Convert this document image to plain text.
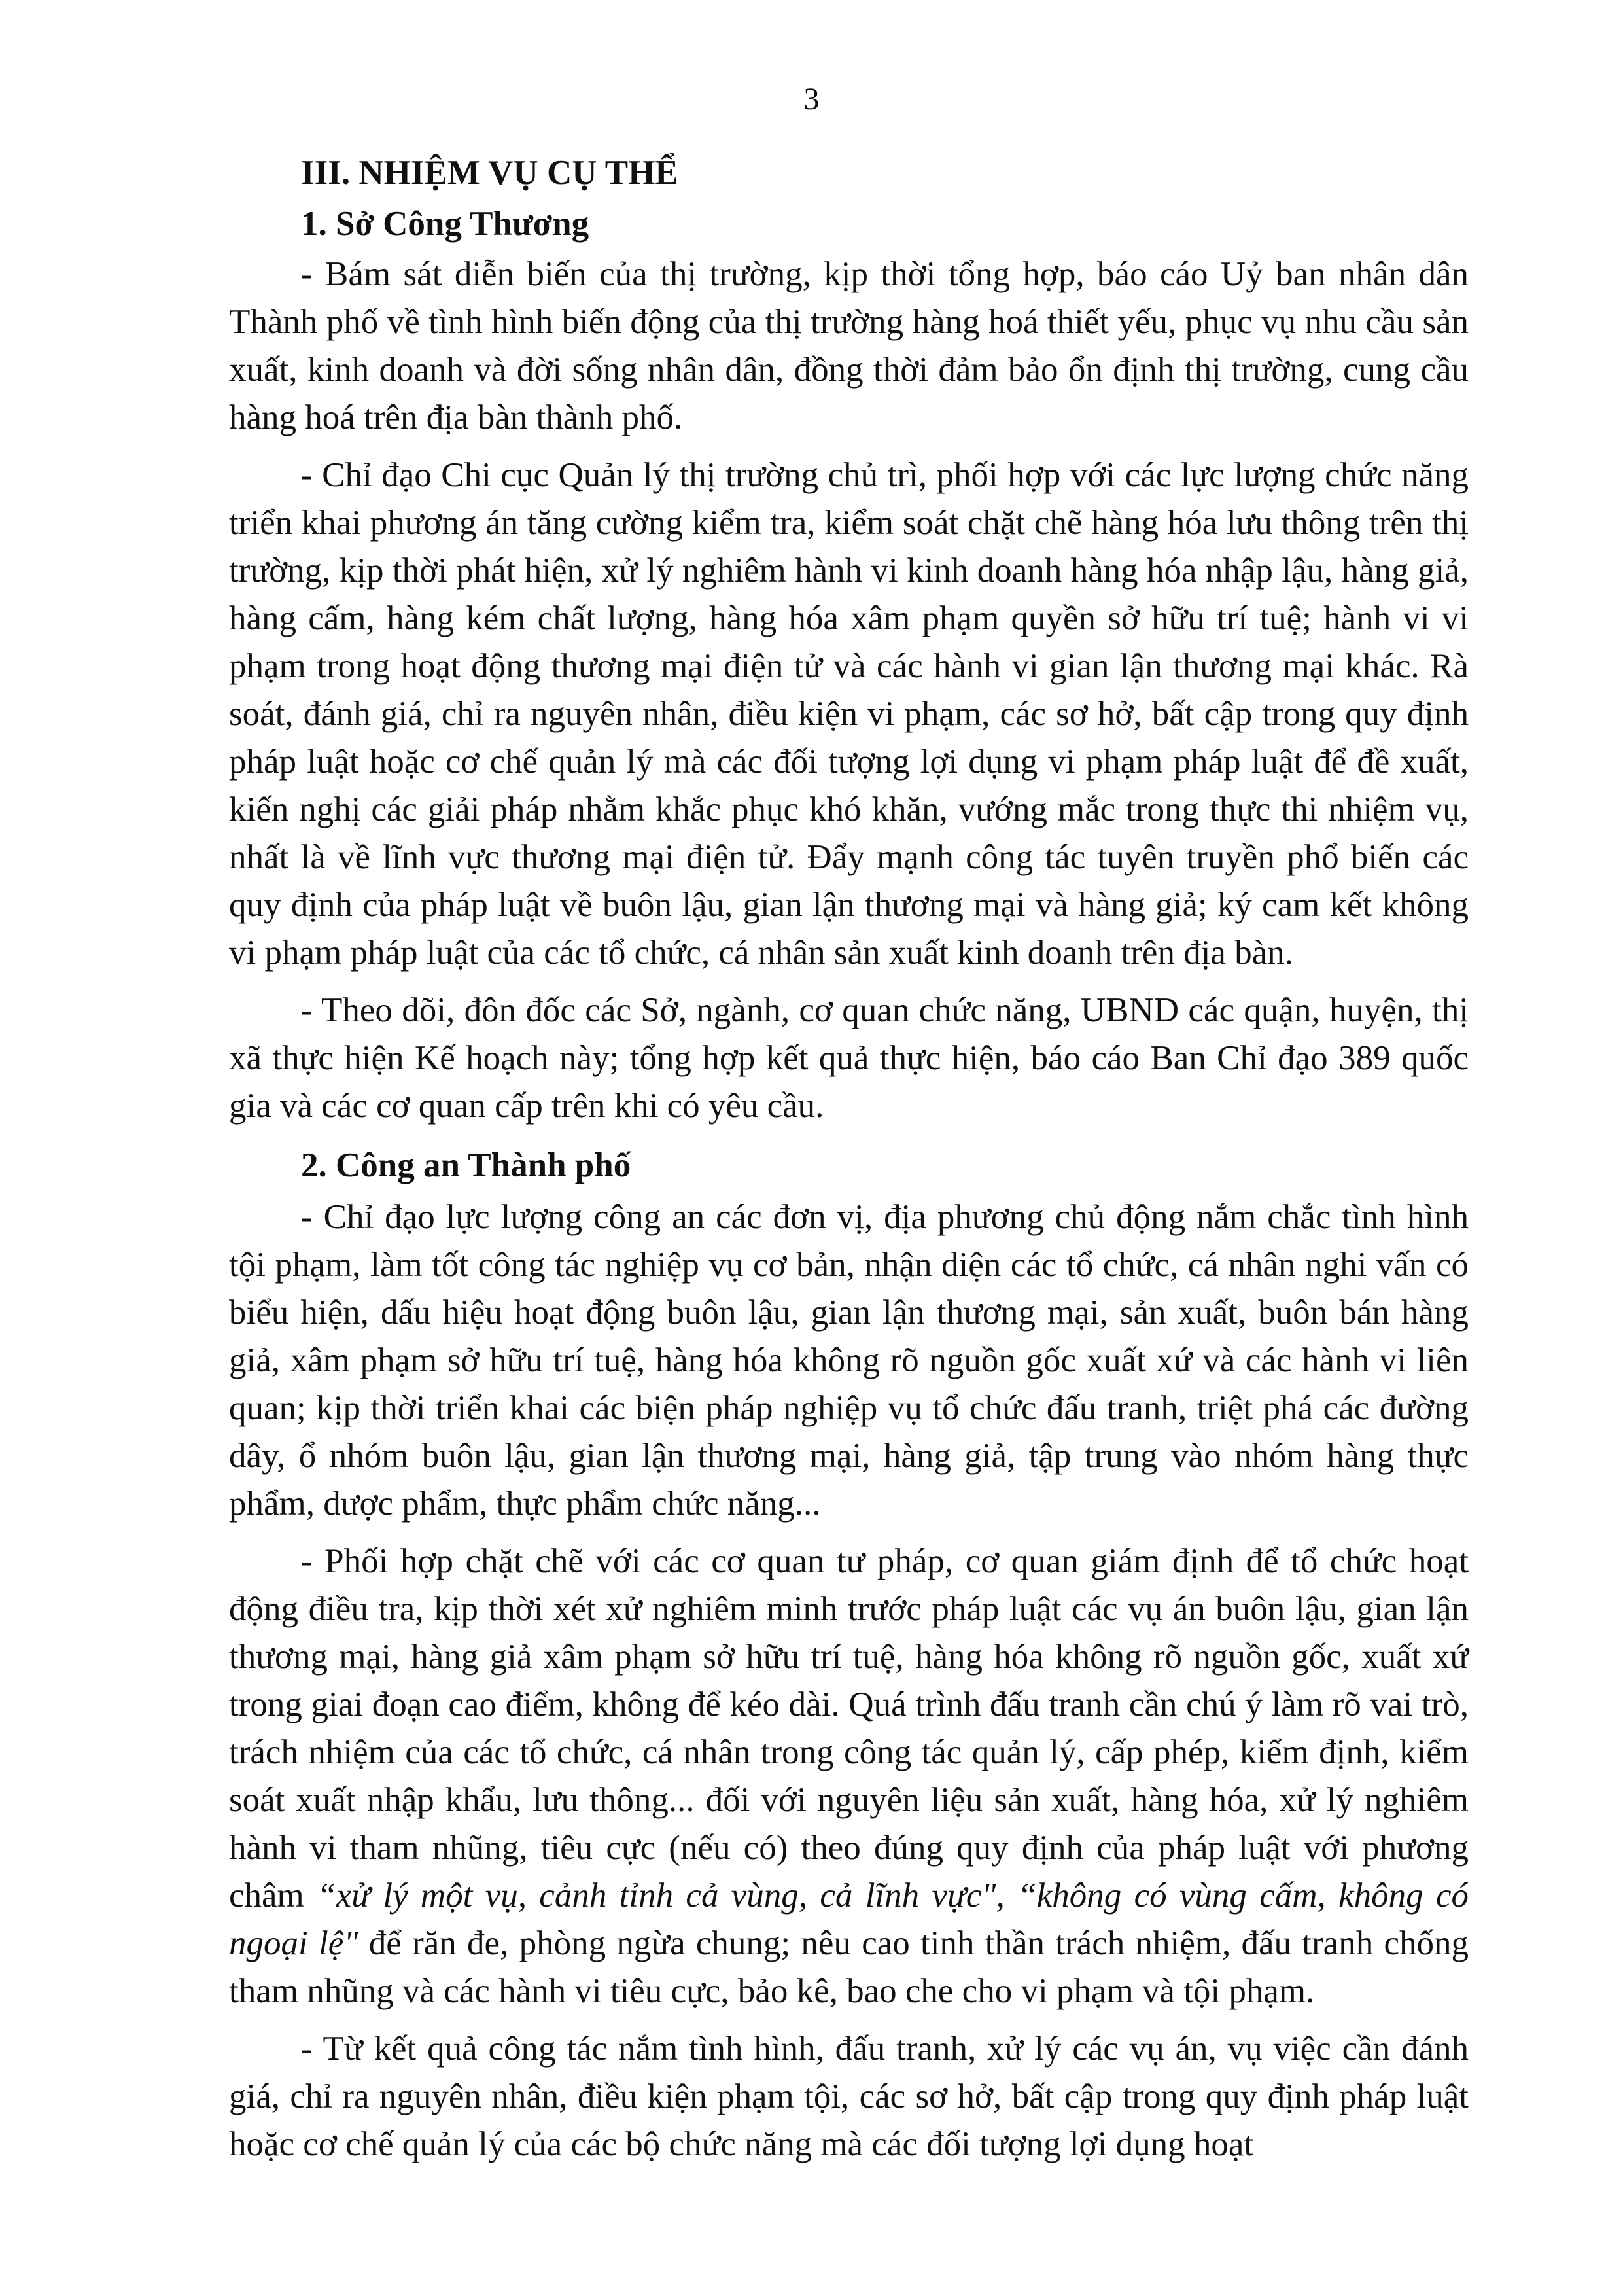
3

III. NHIỆM VỤ CỤ THỂ

1. Sở Công Thương

- Bám sát diễn biến của thị trường, kịp thời tổng hợp, báo cáo Uỷ ban nhân dân Thành phố về tình hình biến động của thị trường hàng hoá thiết yếu, phục vụ nhu cầu sản xuất, kinh doanh và đời sống nhân dân, đồng thời đảm bảo ổn định thị trường, cung cầu hàng hoá trên địa bàn thành phố.

- Chỉ đạo Chi cục Quản lý thị trường chủ trì, phối hợp với các lực lượng chức năng triển khai phương án tăng cường kiểm tra, kiểm soát chặt chẽ hàng hóa lưu thông trên thị trường, kịp thời phát hiện, xử lý nghiêm hành vi kinh doanh hàng hóa nhập lậu, hàng giả, hàng cấm, hàng kém chất lượng, hàng hóa xâm phạm quyền sở hữu trí tuệ; hành vi vi phạm trong hoạt động thương mại điện tử và các hành vi gian lận thương mại khác. Rà soát, đánh giá, chỉ ra nguyên nhân, điều kiện vi phạm, các sơ hở, bất cập trong quy định pháp luật hoặc cơ chế quản lý mà các đối tượng lợi dụng vi phạm pháp luật để đề xuất, kiến nghị các giải pháp nhằm khắc phục khó khăn, vướng mắc trong thực thi nhiệm vụ, nhất là về lĩnh vực thương mại điện tử. Đẩy mạnh công tác tuyên truyền phổ biến các quy định của pháp luật về buôn lậu, gian lận thương mại và hàng giả; ký cam kết không vi phạm pháp luật của các tổ chức, cá nhân sản xuất kinh doanh trên địa bàn.

- Theo dõi, đôn đốc các Sở, ngành, cơ quan chức năng, UBND các quận, huyện, thị xã thực hiện Kế hoạch này; tổng hợp kết quả thực hiện, báo cáo Ban Chỉ đạo 389 quốc gia và các cơ quan cấp trên khi có yêu cầu.

2. Công an Thành phố

- Chỉ đạo lực lượng công an các đơn vị, địa phương chủ động nắm chắc tình hình tội phạm, làm tốt công tác nghiệp vụ cơ bản, nhận diện các tổ chức, cá nhân nghi vấn có biểu hiện, dấu hiệu hoạt động buôn lậu, gian lận thương mại, sản xuất, buôn bán hàng giả, xâm phạm sở hữu trí tuệ, hàng hóa không rõ nguồn gốc xuất xứ và các hành vi liên quan; kịp thời triển khai các biện pháp nghiệp vụ tổ chức đấu tranh, triệt phá các đường dây, ổ nhóm buôn lậu, gian lận thương mại, hàng giả, tập trung vào nhóm hàng thực phẩm, dược phẩm, thực phẩm chức năng...

- Phối hợp chặt chẽ với các cơ quan tư pháp, cơ quan giám định để tổ chức hoạt động điều tra, kịp thời xét xử nghiêm minh trước pháp luật các vụ án buôn lậu, gian lận thương mại, hàng giả xâm phạm sở hữu trí tuệ, hàng hóa không rõ nguồn gốc, xuất xứ trong giai đoạn cao điểm, không để kéo dài. Quá trình đấu tranh cần chú ý làm rõ vai trò, trách nhiệm của các tổ chức, cá nhân trong công tác quản lý, cấp phép, kiểm định, kiểm soát xuất nhập khẩu, lưu thông... đối với nguyên liệu sản xuất, hàng hóa, xử lý nghiêm hành vi tham nhũng, tiêu cực (nếu có) theo đúng quy định của pháp luật với phương châm “xử lý một vụ, cảnh tỉnh cả vùng, cả lĩnh vực", “không có vùng cấm, không có ngoại lệ" để răn đe, phòng ngừa chung; nêu cao tinh thần trách nhiệm, đấu tranh chống tham nhũng và các hành vi tiêu cực, bảo kê, bao che cho vi phạm và tội phạm.

- Từ kết quả công tác nắm tình hình, đấu tranh, xử lý các vụ án, vụ việc cần đánh giá, chỉ ra nguyên nhân, điều kiện phạm tội, các sơ hở, bất cập trong quy định pháp luật hoặc cơ chế quản lý của các bộ chức năng mà các đối tượng lợi dụng hoạt
